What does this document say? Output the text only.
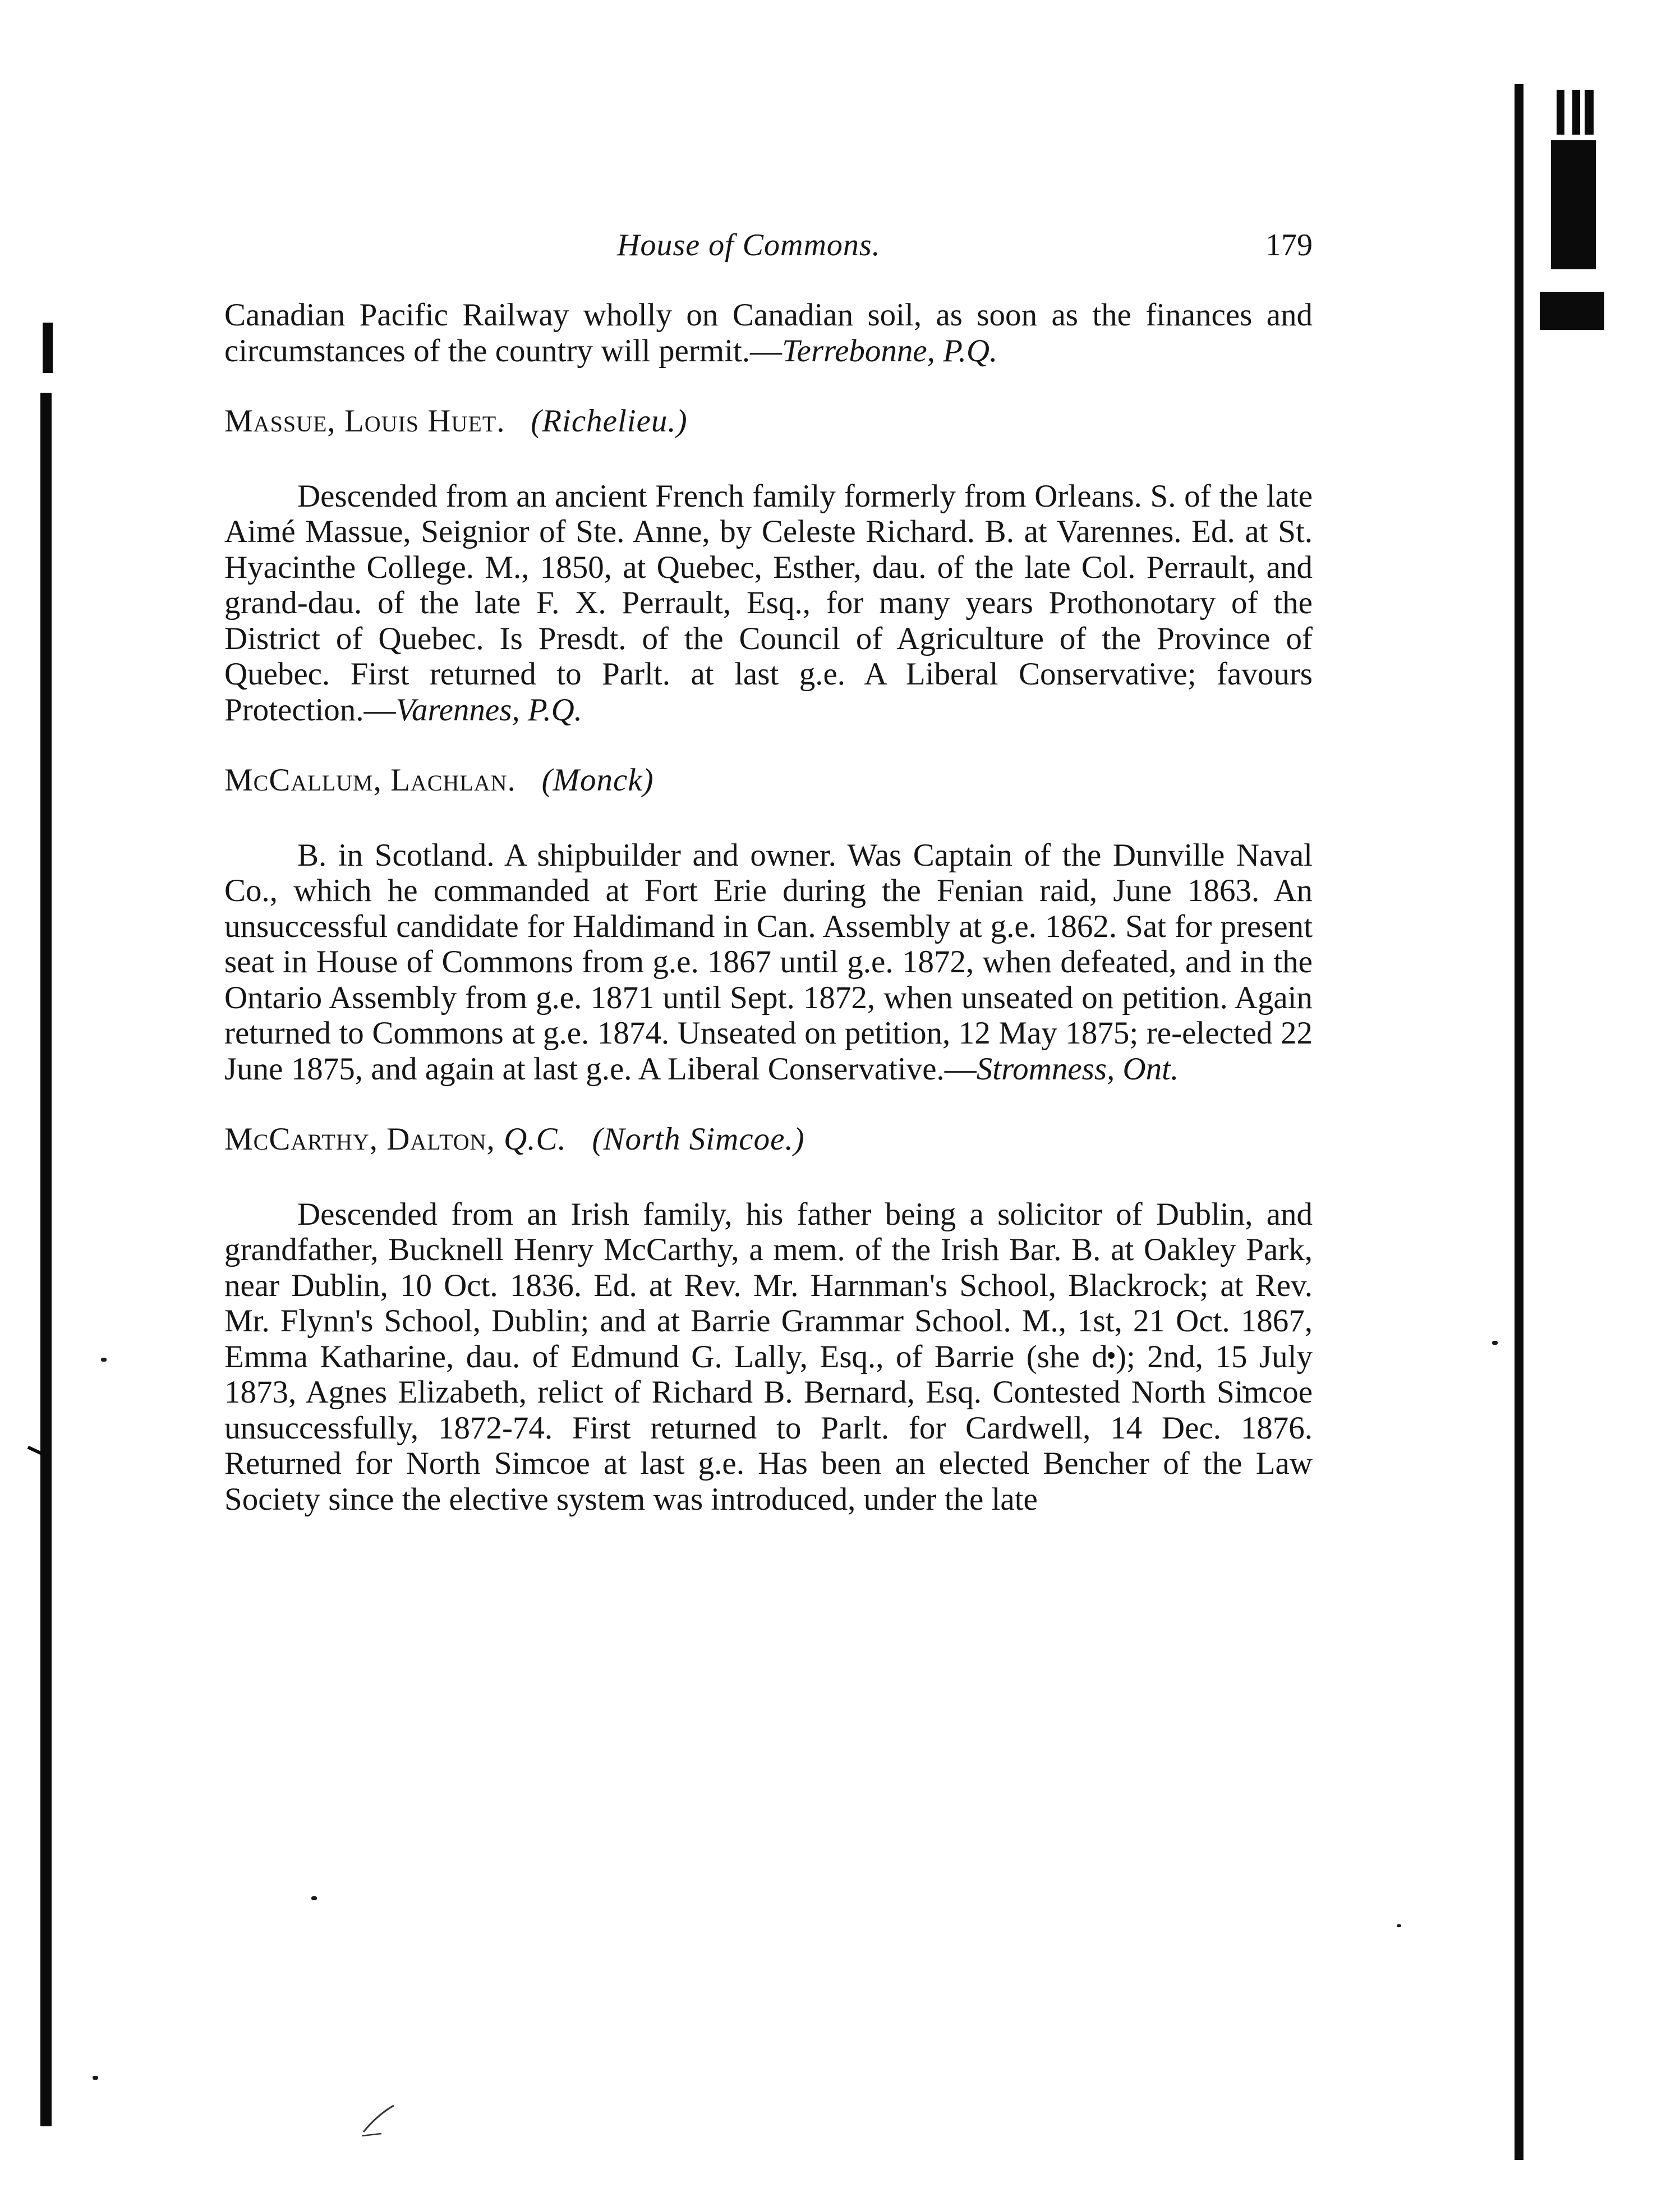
House of Commons.	179

Canadian Pacific Railway wholly on Canadian soil, as soon as the finances and circumstances of the country will permit.—Terrebonne, P.Q.

Massue, Louis Huet. (Richelieu.)

Descended from an ancient French family formerly from Orleans. S. of the late Aimé Massue, Seignior of Ste. Anne, by Celeste Richard. B. at Varennes. Ed. at St. Hyacinthe College. M., 1850, at Quebec, Esther, dau. of the late Col. Perrault, and grand-dau. of the late F. X. Perrault, Esq., for many years Prothonotary of the District of Quebec. Is Presdt. of the Council of Agriculture of the Province of Quebec. First returned to Parlt. at last g.e. A Liberal Conservative; favours Protection.—Varennes, P.Q.

McCallum, Lachlan. (Monck)

B. in Scotland. A shipbuilder and owner. Was Captain of the Dunville Naval Co., which he commanded at Fort Erie during the Fenian raid, June 1863. An unsuccessful candidate for Haldimand in Can. Assembly at g.e. 1862. Sat for present seat in House of Commons from g.e. 1867 until g.e. 1872, when defeated, and in the Ontario Assembly from g.e. 1871 until Sept. 1872, when unseated on petition. Again returned to Commons at g.e. 1874. Unseated on petition, 12 May 1875; re-elected 22 June 1875, and again at last g.e. A Liberal Conservative.—Stromness, Ont.

McCarthy, Dalton, Q.C. (North Simcoe.)

Descended from an Irish family, his father being a solicitor of Dublin, and grandfather, Bucknell Henry McCarthy, a mem. of the Irish Bar. B. at Oakley Park, near Dublin, 10 Oct. 1836. Ed. at Rev. Mr. Harnman's School, Blackrock; at Rev. Mr. Flynn's School, Dublin; and at Barrie Grammar School. M., 1st, 21 Oct. 1867, Emma Katharine, dau. of Edmund G. Lally, Esq., of Barrie (she d.); 2nd, 15 July 1873, Agnes Elizabeth, relict of Richard B. Bernard, Esq. Contested North Simcoe unsuccessfully, 1872-74. First returned to Parlt. for Cardwell, 14 Dec. 1876. Returned for North Simcoe at last g.e. Has been an elected Bencher of the Law Society since the elective system was introduced, under the late
